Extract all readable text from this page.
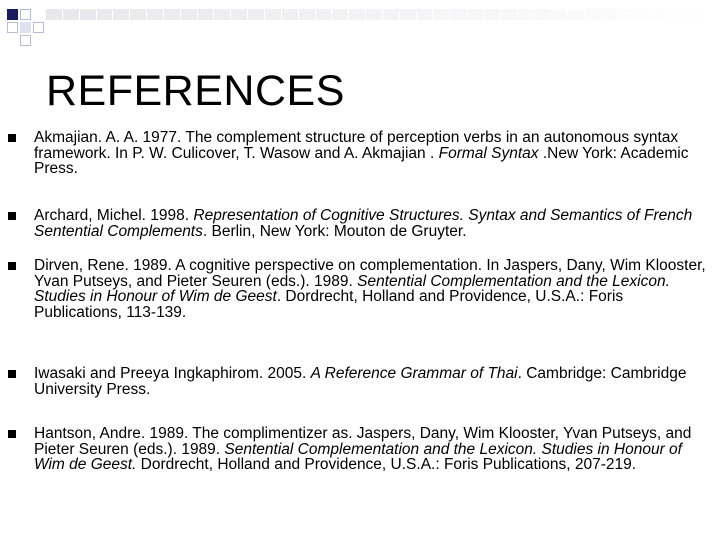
REFERENCES
Akmajian. A. A. 1977. The complement structure of perception verbs in an autonomous syntax framework. In P. W. Culicover, T. Wasow and A. Akmajian . Formal Syntax .New York: Academic Press.
Archard, Michel. 1998. Representation of Cognitive Structures. Syntax and Semantics of French Sentential Complements. Berlin, New York: Mouton de Gruyter.
Dirven, Rene. 1989. A cognitive perspective on complementation. In Jaspers, Dany, Wim Klooster, Yvan Putseys, and Pieter Seuren (eds.). 1989. Sentential Complementation and the Lexicon. Studies in Honour of Wim de Geest. Dordrecht, Holland and Providence, U.S.A.: Foris Publications, 113-139.
Iwasaki and Preeya Ingkaphirom. 2005. A Reference Grammar of Thai. Cambridge: Cambridge University Press.
Hantson, Andre. 1989. The complimentizer as. Jaspers, Dany, Wim Klooster, Yvan Putseys, and Pieter Seuren (eds.). 1989. Sentential Complementation and the Lexicon. Studies in Honour of Wim de Geest. Dordrecht, Holland and Providence, U.S.A.: Foris Publications, 207-219.
